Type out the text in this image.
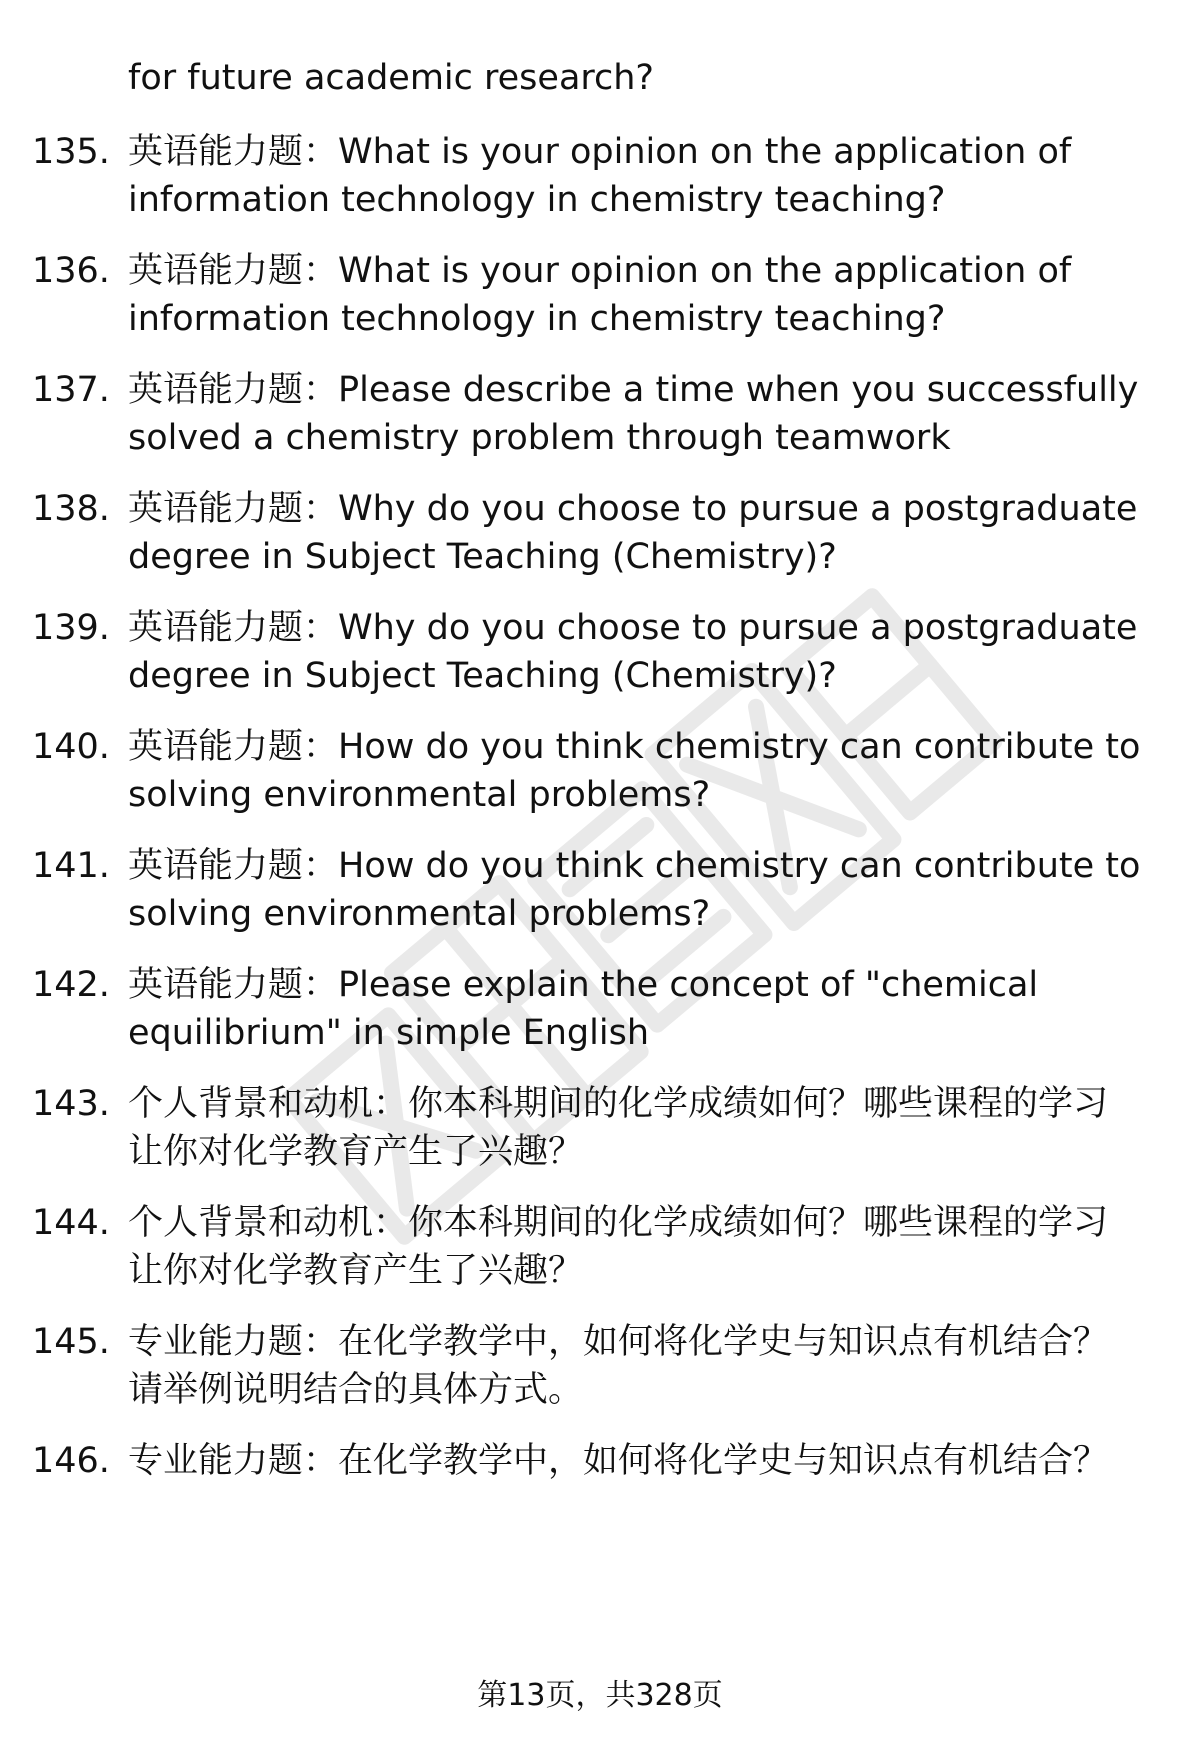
for future academic research?
135. 英语能力题：What is your opinion on the application of
information technology in chemistry teaching?
136. 英语能力题：What is your opinion on the application of
information technology in chemistry teaching?
137. 英语能力题：Please describe a time when you successfully
solved a chemistry problem through teamwork
138. 英语能力题：Why do you choose to pursue a postgraduate
degree in Subject Teaching (Chemistry)?
139. 英语能力题：Why do you choose to pursue a postgraduate
degree in Subject Teaching (Chemistry)?
140. 英语能力题：How do you think chemistry can contribute to
solving environmental problems?
141. 英语能力题：How do you think chemistry can contribute to
solving environmental problems?
142. 英语能力题：Please explain the concept of "chemical
equilibrium" in simple English
143. 个人背景和动机：你本科期间的化学成绩如何？哪些课程的学习
让你对化学教育产生了兴趣？
144. 个人背景和动机：你本科期间的化学成绩如何？哪些课程的学习
让你对化学教育产生了兴趣？
145. 专业能力题：在化学教学中，如何将化学史与知识点有机结合？
请举例说明结合的具体方式。
146. 专业能力题：在化学教学中，如何将化学史与知识点有机结合？
第13页，共328页
